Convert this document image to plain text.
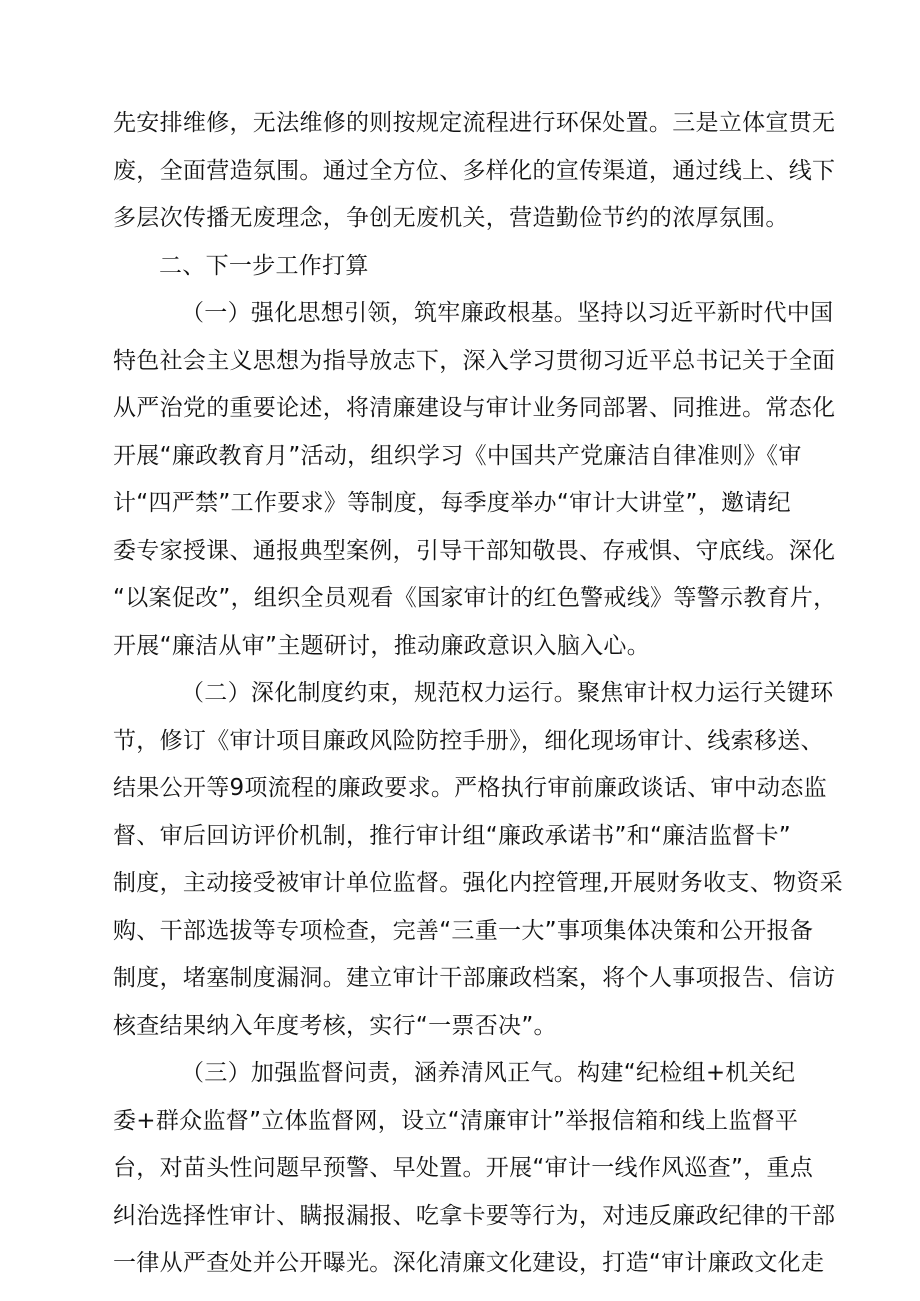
先安排维修，无法维修的则按规定流程进行环保处置。三是立体宣贯无
废，全面营造氛围。通过全方位、多样化的宣传渠道，通过线上、线下
多层次传播无废理念，争创无废机关，营造勤俭节约的浓厚氛围。
二、下一步工作打算
（一）强化思想引领，筑牢廉政根基。坚持以习近平新时代中国
特色社会主义思想为指导放志下，深入学习贯彻习近平总书记关于全面
从严治党的重要论述，将清廉建设与审计业务同部署、同推进。常态化
开展“廉政教育月”活动，组织学习《中国共产党廉洁自律准则》《审
计“四严禁”工作要求》等制度，每季度举办“审计大讲堂”，邀请纪
委专家授课、通报典型案例，引导干部知敬畏、存戒惧、守底线。深化
“以案促改”，组织全员观看《国家审计的红色警戒线》等警示教育片，
开展“廉洁从审”主题研讨，推动廉政意识入脑入心。
（二）深化制度约束，规范权力运行。聚焦审计权力运行关键环
节，修订《审计项目廉政风险防控手册》，细化现场审计、线索移送、
结果公开等9项流程的廉政要求。严格执行审前廉政谈话、审中动态监
督、审后回访评价机制，推行审计组“廉政承诺书”和“廉洁监督卡”
制度，主动接受被审计单位监督。强化内控管理,开展财务收支、物资采
购、干部选拔等专项检查，完善“三重一大”事项集体决策和公开报备
制度，堵塞制度漏洞。建立审计干部廉政档案，将个人事项报告、信访
核查结果纳入年度考核，实行“一票否决”。
（三）加强监督问责，涵养清风正气。构建“纪检组+机关纪
委+群众监督”立体监督网，设立“清廉审计”举报信箱和线上监督平
台，对苗头性问题早预警、早处置。开展“审计一线作风巡查”，重点
纠治选择性审计、瞒报漏报、吃拿卡要等行为，对违反廉政纪律的干部
一律从严查处并公开曝光。深化清廉文化建设，打造“审计廉政文化走
